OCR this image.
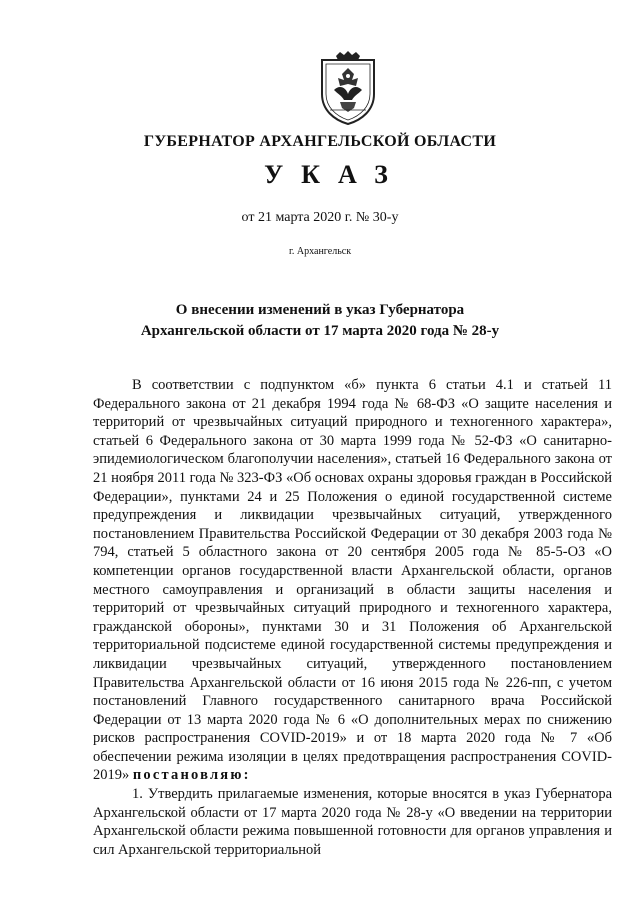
ГУБЕРНАТОР АРХАНГЕЛЬСКОЙ ОБЛАСТИ
УКАЗ
от 21 марта 2020 г. № 30-у
г. Архангельск
О внесении изменений в указ Губернатора
Архангельской области от 17 марта 2020 года № 28-у

В соответствии с подпунктом «б» пункта 6 статьи 4.1 и статьей 11 Федерального закона от 21 декабря 1994 года № 68-ФЗ «О защите населения и территорий от чрезвычайных ситуаций природного и техногенного характера», статьей 6 Федерального закона от 30 марта 1999 года № 52-ФЗ «О санитарно-эпидемиологическом благополучии населения», статьей 16 Федерального закона от 21 ноября 2011 года № 323-ФЗ «Об основах охраны здоровья граждан в Российской Федерации», пунктами 24 и 25 Положения о единой государственной системе предупреждения и ликвидации чрезвычайных ситуаций, утвержденного постановлением Правительства Российской Федерации от 30 декабря 2003 года № 794, статьей 5 областного закона от 20 сентября 2005 года № 85-5-ОЗ «О компетенции органов государственной власти Архангельской области, органов местного самоуправления и организаций в области защиты населения и территорий от чрезвычайных ситуаций природного и техногенного характера, гражданской обороны», пунктами 30 и 31 Положения об Архангельской территориальной подсистеме единой государственной системы предупреждения и ликвидации чрезвычайных ситуаций, утвержденного постановлением Правительства Архангельской области от 16 июня 2015 года № 226-пп, с учетом постановлений Главного государственного санитарного врача Российской Федерации от 13 марта 2020 года № 6 «О дополнительных мерах по снижению рисков распространения COVID-2019» и от 18 марта 2020 года № 7 «Об обеспечении режима изоляции в целях предотвращения распространения COVID-2019» постановляю:

1. Утвердить прилагаемые изменения, которые вносятся в указ Губернатора Архангельской области от 17 марта 2020 года № 28-у «О введении на территории Архангельской области режима повышенной готовности для органов управления и сил Архангельской территориальной
